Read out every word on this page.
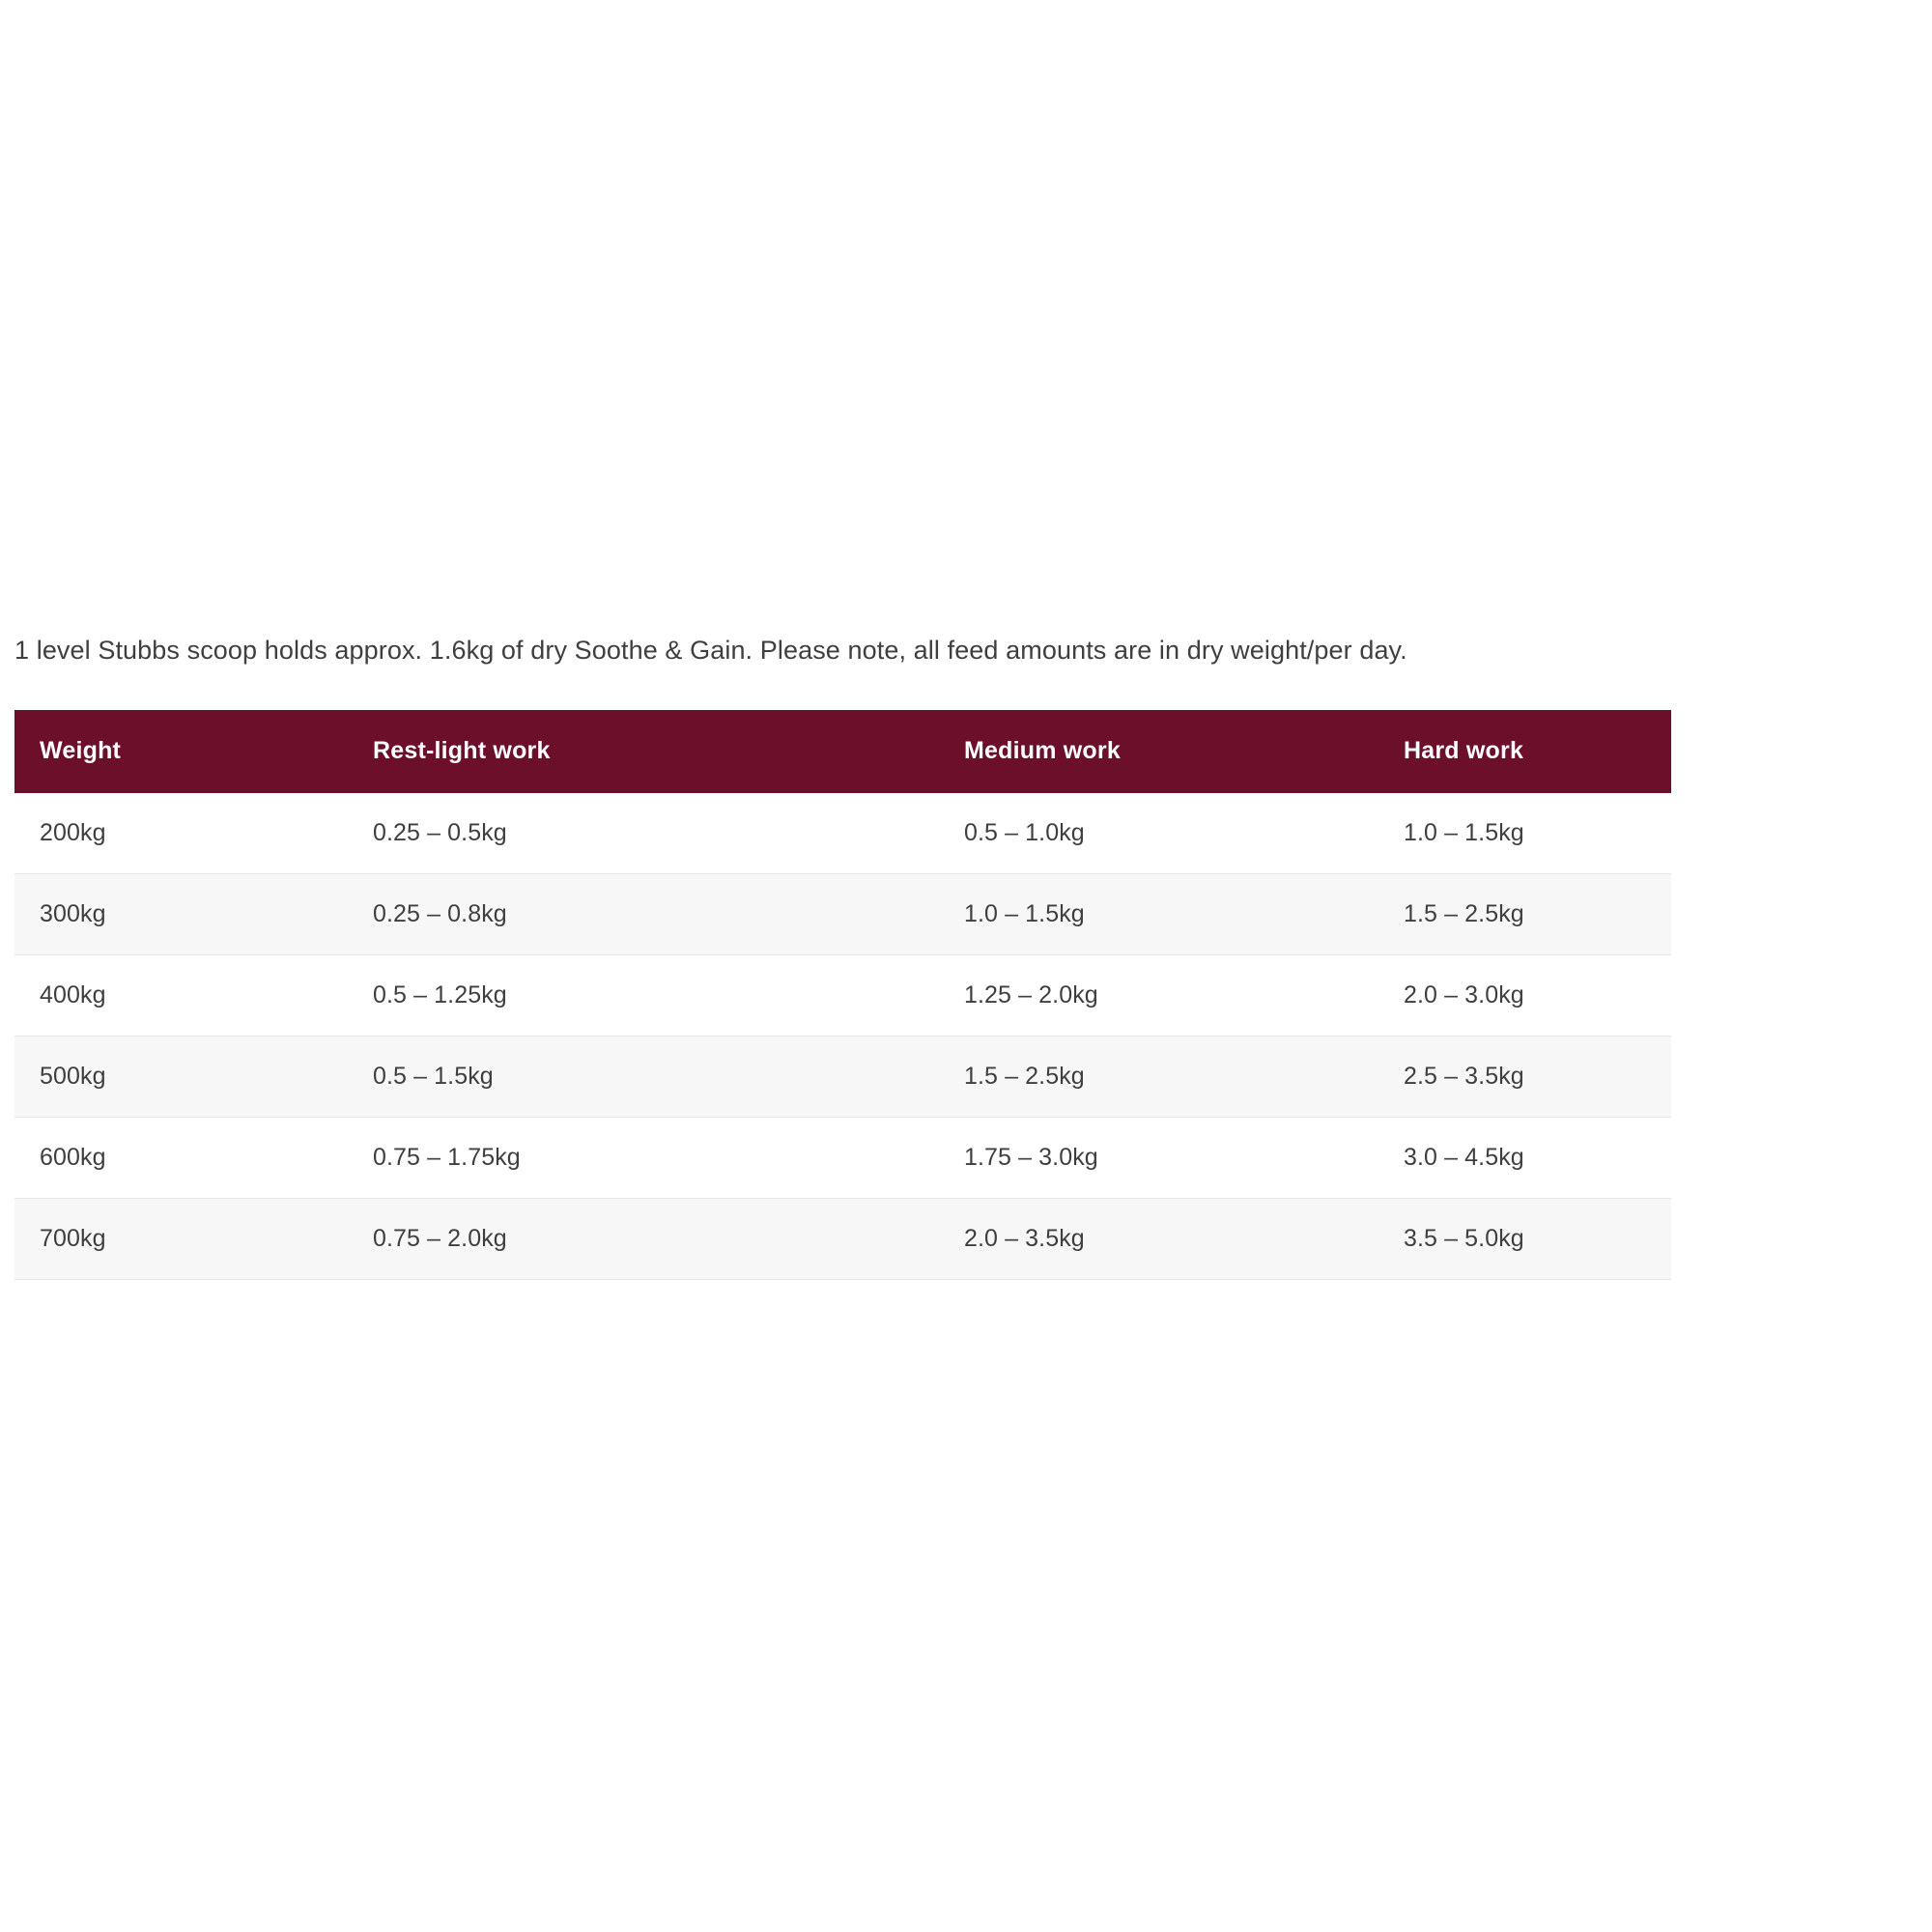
1 level Stubbs scoop holds approx. 1.6kg of dry Soothe & Gain. Please note, all feed amounts are in dry weight/per day.

Weight	Rest-light work	Medium work	Hard work
200kg	0.25 – 0.5kg	0.5 – 1.0kg	1.0 – 1.5kg
300kg	0.25 – 0.8kg	1.0 – 1.5kg	1.5 – 2.5kg
400kg	0.5 – 1.25kg	1.25 – 2.0kg	2.0 – 3.0kg
500kg	0.5 – 1.5kg	1.5 – 2.5kg	2.5 – 3.5kg
600kg	0.75 – 1.75kg	1.75 – 3.0kg	3.0 – 4.5kg
700kg	0.75 – 2.0kg	2.0 – 3.5kg	3.5 – 5.0kg
